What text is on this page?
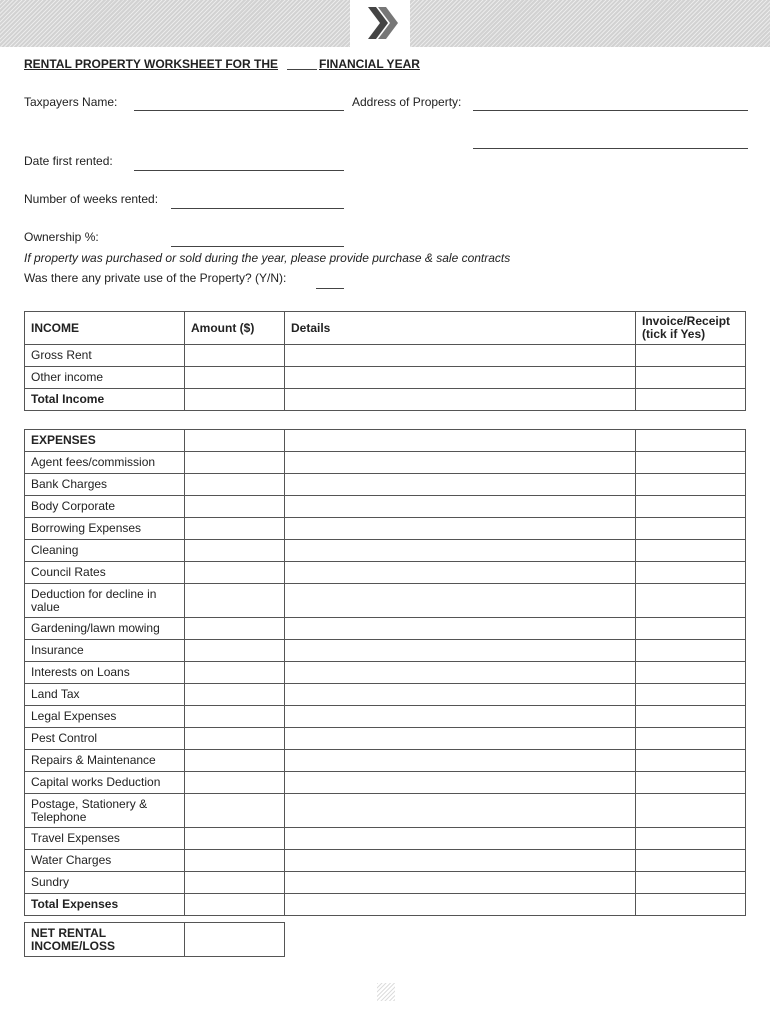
RENTAL PROPERTY WORKSHEET FOR THE	FINANCIAL YEAR
Taxpayers Name:	Address of Property:
Date first rented:
Number of weeks rented:
Ownership %:
If property was purchased or sold during the year, please provide purchase & sale contracts
Was there any private use of the Property? (Y/N):
INCOME	Amount ($)	Details	Invoice/Receipt
(tick if Yes)
Gross Rent			
Other income			
Total Income			
EXPENSES			
Agent fees/commission			
Bank Charges			
Body Corporate			
Borrowing Expenses			
Cleaning			
Council Rates			
Deduction for decline in value			
Gardening/lawn mowing			
Insurance			
Interests on Loans			
Land Tax			
Legal Expenses			
Pest Control			
Repairs & Maintenance			
Capital works Deduction			
Postage, Stationery & Telephone			
Travel Expenses			
Water Charges			
Sundry			
Total Expenses			
NET RENTAL INCOME/LOSS	
